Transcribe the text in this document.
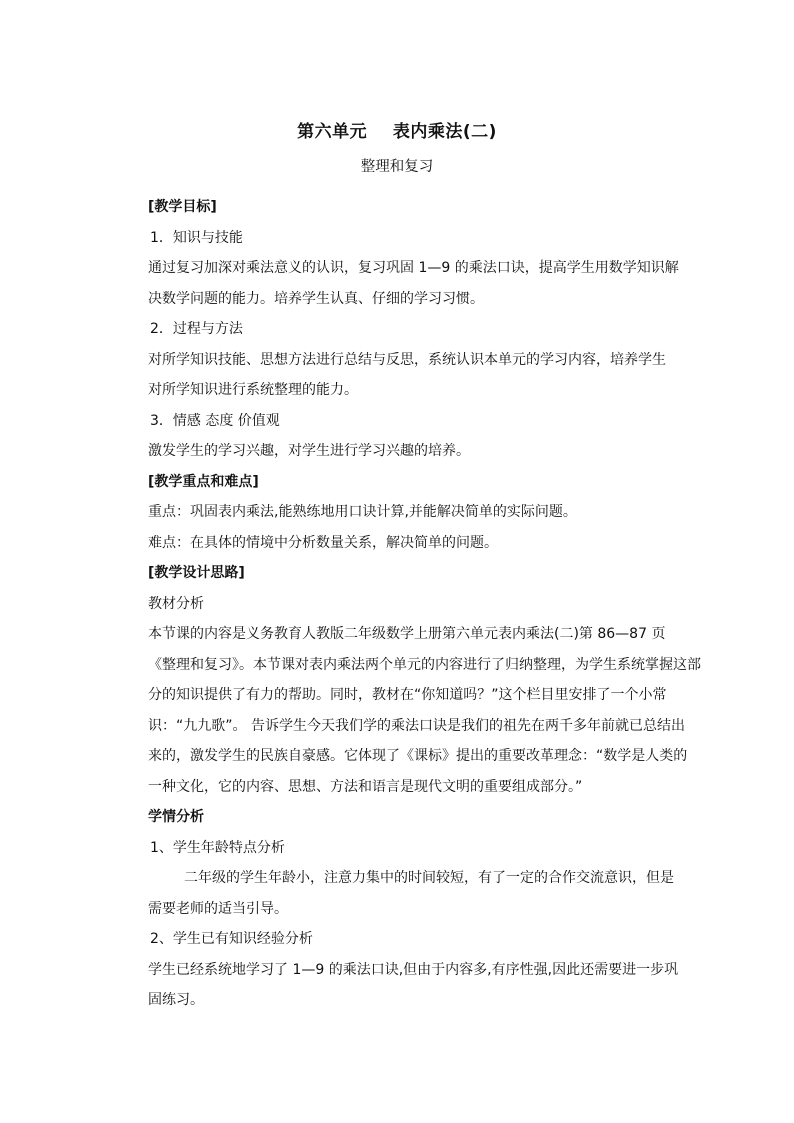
第六单元    表内乘法(二)
整理和复习

[教学目标]

1．知识与技能

通过复习加深对乘法意义的认识，复习巩固 1—9 的乘法口诀，提高学生用数学知识解

决数学问题的能力。培养学生认真、仔细的学习习惯。

2．过程与方法

对所学知识技能、思想方法进行总结与反思，系统认识本单元的学习内容，培养学生

对所学知识进行系统整理的能力。

3．情感 态度 价值观

激发学生的学习兴趣，对学生进行学习兴趣的培养。

[教学重点和难点]

重点：巩固表内乘法,能熟练地用口诀计算,并能解决简单的实际问题。

难点：在具体的情境中分析数量关系，解决简单的问题。

[教学设计思路]

教材分析

本节课的内容是义务教育人教版二年级数学上册第六单元表内乘法(二)第 86—87 页

《整理和复习》。本节课对表内乘法两个单元的内容进行了归纳整理，为学生系统掌握这部

分的知识提供了有力的帮助。同时，教材在“你知道吗？”这个栏目里安排了一个小常

识：“九九歌”。 告诉学生今天我们学的乘法口诀是我们的祖先在两千多年前就已总结出

来的，激发学生的民族自豪感。它体现了《课标》提出的重要改革理念：“数学是人类的

一种文化，它的内容、思想、方法和语言是现代文明的重要组成部分。”

学情分析

1、学生年龄特点分析

二年级的学生年龄小，注意力集中的时间较短，有了一定的合作交流意识，但是

需要老师的适当引导。

2、学生已有知识经验分析

学生已经系统地学习了 1—9 的乘法口诀,但由于内容多,有序性强,因此还需要进一步巩

固练习。
